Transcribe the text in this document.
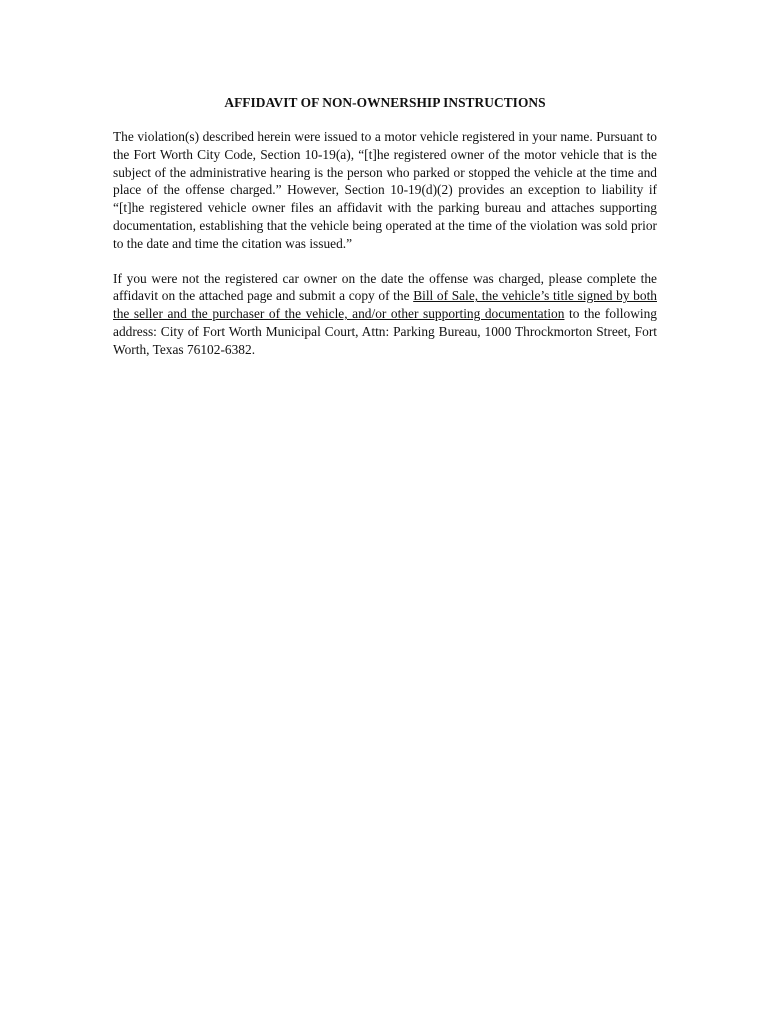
AFFIDAVIT OF NON-OWNERSHIP INSTRUCTIONS

The violation(s) described herein were issued to a motor vehicle registered in your name. Pursuant to the Fort Worth City Code, Section 10-19(a), “[t]he registered owner of the motor vehicle that is the subject of the administrative hearing is the person who parked or stopped the vehicle at the time and place of the offense charged.” However, Section 10-19(d)(2) provides an exception to liability if “[t]he registered vehicle owner files an affidavit with the parking bureau and attaches supporting documentation, establishing that the vehicle being operated at the time of the violation was sold prior to the date and time the citation was issued.”

If you were not the registered car owner on the date the offense was charged, please complete the affidavit on the attached page and submit a copy of the Bill of Sale, the vehicle’s title signed by both the seller and the purchaser of the vehicle, and/or other supporting documentation to the following address: City of Fort Worth Municipal Court, Attn: Parking Bureau, 1000 Throckmorton Street, Fort Worth, Texas 76102-6382.
